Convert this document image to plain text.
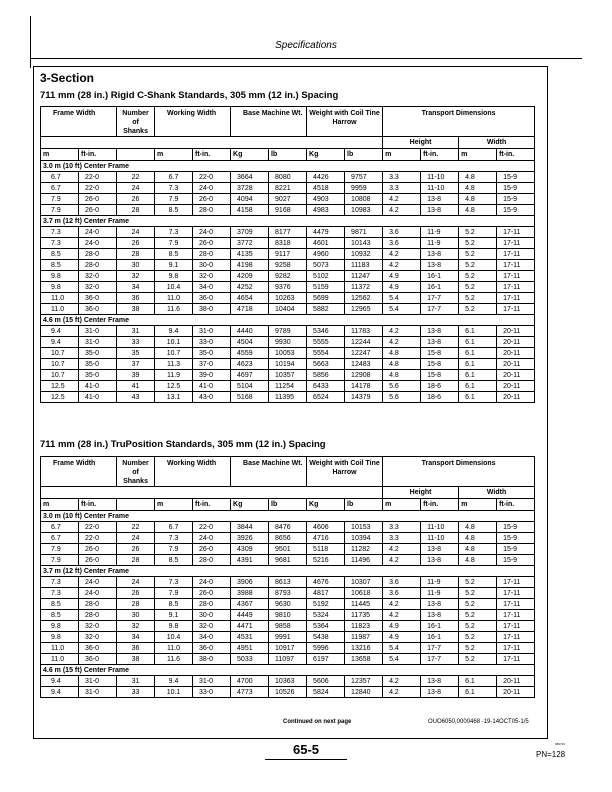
Specifications
3-Section
711 mm (28 in.) Rigid C-Shank Standards, 305 mm (12 in.) Spacing
Frame Width		Number of Shanks	Working Width		Base Machine Wt.		Weight with Coil Tine Harrow		Transport Dimensions			
									Height		Width	
m	ft-in.		m	ft-in.	Kg	lb	Kg	lb	m	ft-in.	m	ft-in.
3.0 m (10 ft) Center Frame												
6.7	22-0	22	6.7	22-0	3664	8080	4426	9757	3.3	11-10	4.8	15-9
6.7	22-0	24	7.3	24-0	3728	8221	4518	9959	3.3	11-10	4.8	15-9
7.9	26-0	26	7.9	26-0	4094	9027	4903	10808	4.2	13-8	4.8	15-9
7.9	26-0	28	8.5	28-0	4158	9168	4983	10983	4.2	13-8	4.8	15-9
3.7 m (12 ft) Center Frame												
7.3	24-0	24	7.3	24-0	3709	8177	4479	9871	3.6	11-9	5.2	17-11
7.3	24-0	26	7.9	26-0	3772	8318	4601	10143	3.6	11-9	5.2	17-11
8.5	28-0	28	8.5	28-0	4135	9117	4960	10932	4.2	13-8	5.2	17-11
8.5	28-0	30	9.1	30-0	4198	9258	5073	11183	4.2	13-8	5.2	17-11
9.8	32-0	32	9.8	32-0	4209	9282	5102	11247	4.9	16-1	5.2	17-11
9.8	32-0	34	10.4	34-0	4252	9376	5159	11372	4.9	16-1	5.2	17-11
11.0	36-0	36	11.0	36-0	4654	10263	5699	12562	5.4	17-7	5.2	17-11
11.0	36-0	38	11.6	38-0	4718	10404	5882	12965	5.4	17-7	5.2	17-11
4.6 m (15 ft) Center Frame												
9.4	31-0	31	9.4	31-0	4440	9789	5346	11783	4.2	13-8	6.1	20-11
9.4	31-0	33	10.1	33-0	4504	9930	5555	12244	4.2	13-8	6.1	20-11
10.7	35-0	35	10.7	35-0	4559	10053	5554	12247	4.8	15-8	6.1	20-11
10.7	35-0	37	11.3	37-0	4623	10194	5663	12483	4.8	15-8	6.1	20-11
10.7	35-0	39	11.9	39-0	4697	10357	5856	12908	4.8	15-8	6.1	20-11
12.5	41-0	41	12.5	41-0	5104	11254	6433	14178	5.6	18-6	6.1	20-11
12.5	41-0	43	13.1	43-0	5168	11395	6524	14379	5.6	18-6	6.1	20-11
711 mm (28 in.) TruPosition Standards, 305 mm (12 in.) Spacing
Frame Width		Number of Shanks	Working Width		Base Machine Wt.		Weight with Coil Tine Harrow		Transport Dimensions			
									Height		Width	
m	ft-in.		m	ft-in.	Kg	lb	Kg	lb	m	ft-in.	m	ft-in.
3.0 m (10 ft) Center Frame												
6.7	22-0	22	6.7	22-0	3844	8476	4606	10153	3.3	11-10	4.8	15-9
6.7	22-0	24	7.3	24-0	3926	8656	4716	10394	3.3	11-10	4.8	15-9
7.9	26-0	26	7.9	26-0	4309	9501	5118	11282	4.2	13-8	4.8	15-9
7.9	26-0	28	8.5	28-0	4391	9681	5216	11496	4.2	13-8	4.8	15-9
3.7 m (12 ft) Center Frame												
7.3	24-0	24	7.3	24-0	3906	8613	4676	10307	3.6	11-9	5.2	17-11
7.3	24-0	26	7.9	26-0	3988	8793	4817	10618	3.6	11-9	5.2	17-11
8.5	28-0	28	8.5	28-0	4367	9630	5192	11445	4.2	13-8	5.2	17-11
8.5	28-0	30	9.1	30-0	4449	9810	5324	11735	4.2	13-8	5.2	17-11
9.8	32-0	32	9.8	32-0	4471	9858	5364	11823	4.9	16-1	5.2	17-11
9.8	32-0	34	10.4	34-0	4531	9991	5438	11987	4.9	16-1	5.2	17-11
11.0	36-0	36	11.0	36-0	4951	10917	5996	13216	5.4	17-7	5.2	17-11
11.0	36-0	38	11.6	38-0	5033	11097	6197	13658	5.4	17-7	5.2	17-11
4.6 m (15 ft) Center Frame												
9.4	31-0	31	9.4	31-0	4700	10363	5606	12357	4.2	13-8	6.1	20-11
9.4	31-0	33	10.1	33-0	4773	10526	5824	12840	4.2	13-8	6.1	20-11
Continued on next page	OUO6050,0000468 -19-14OCT05-1/5
65-5	080716
PN=128
